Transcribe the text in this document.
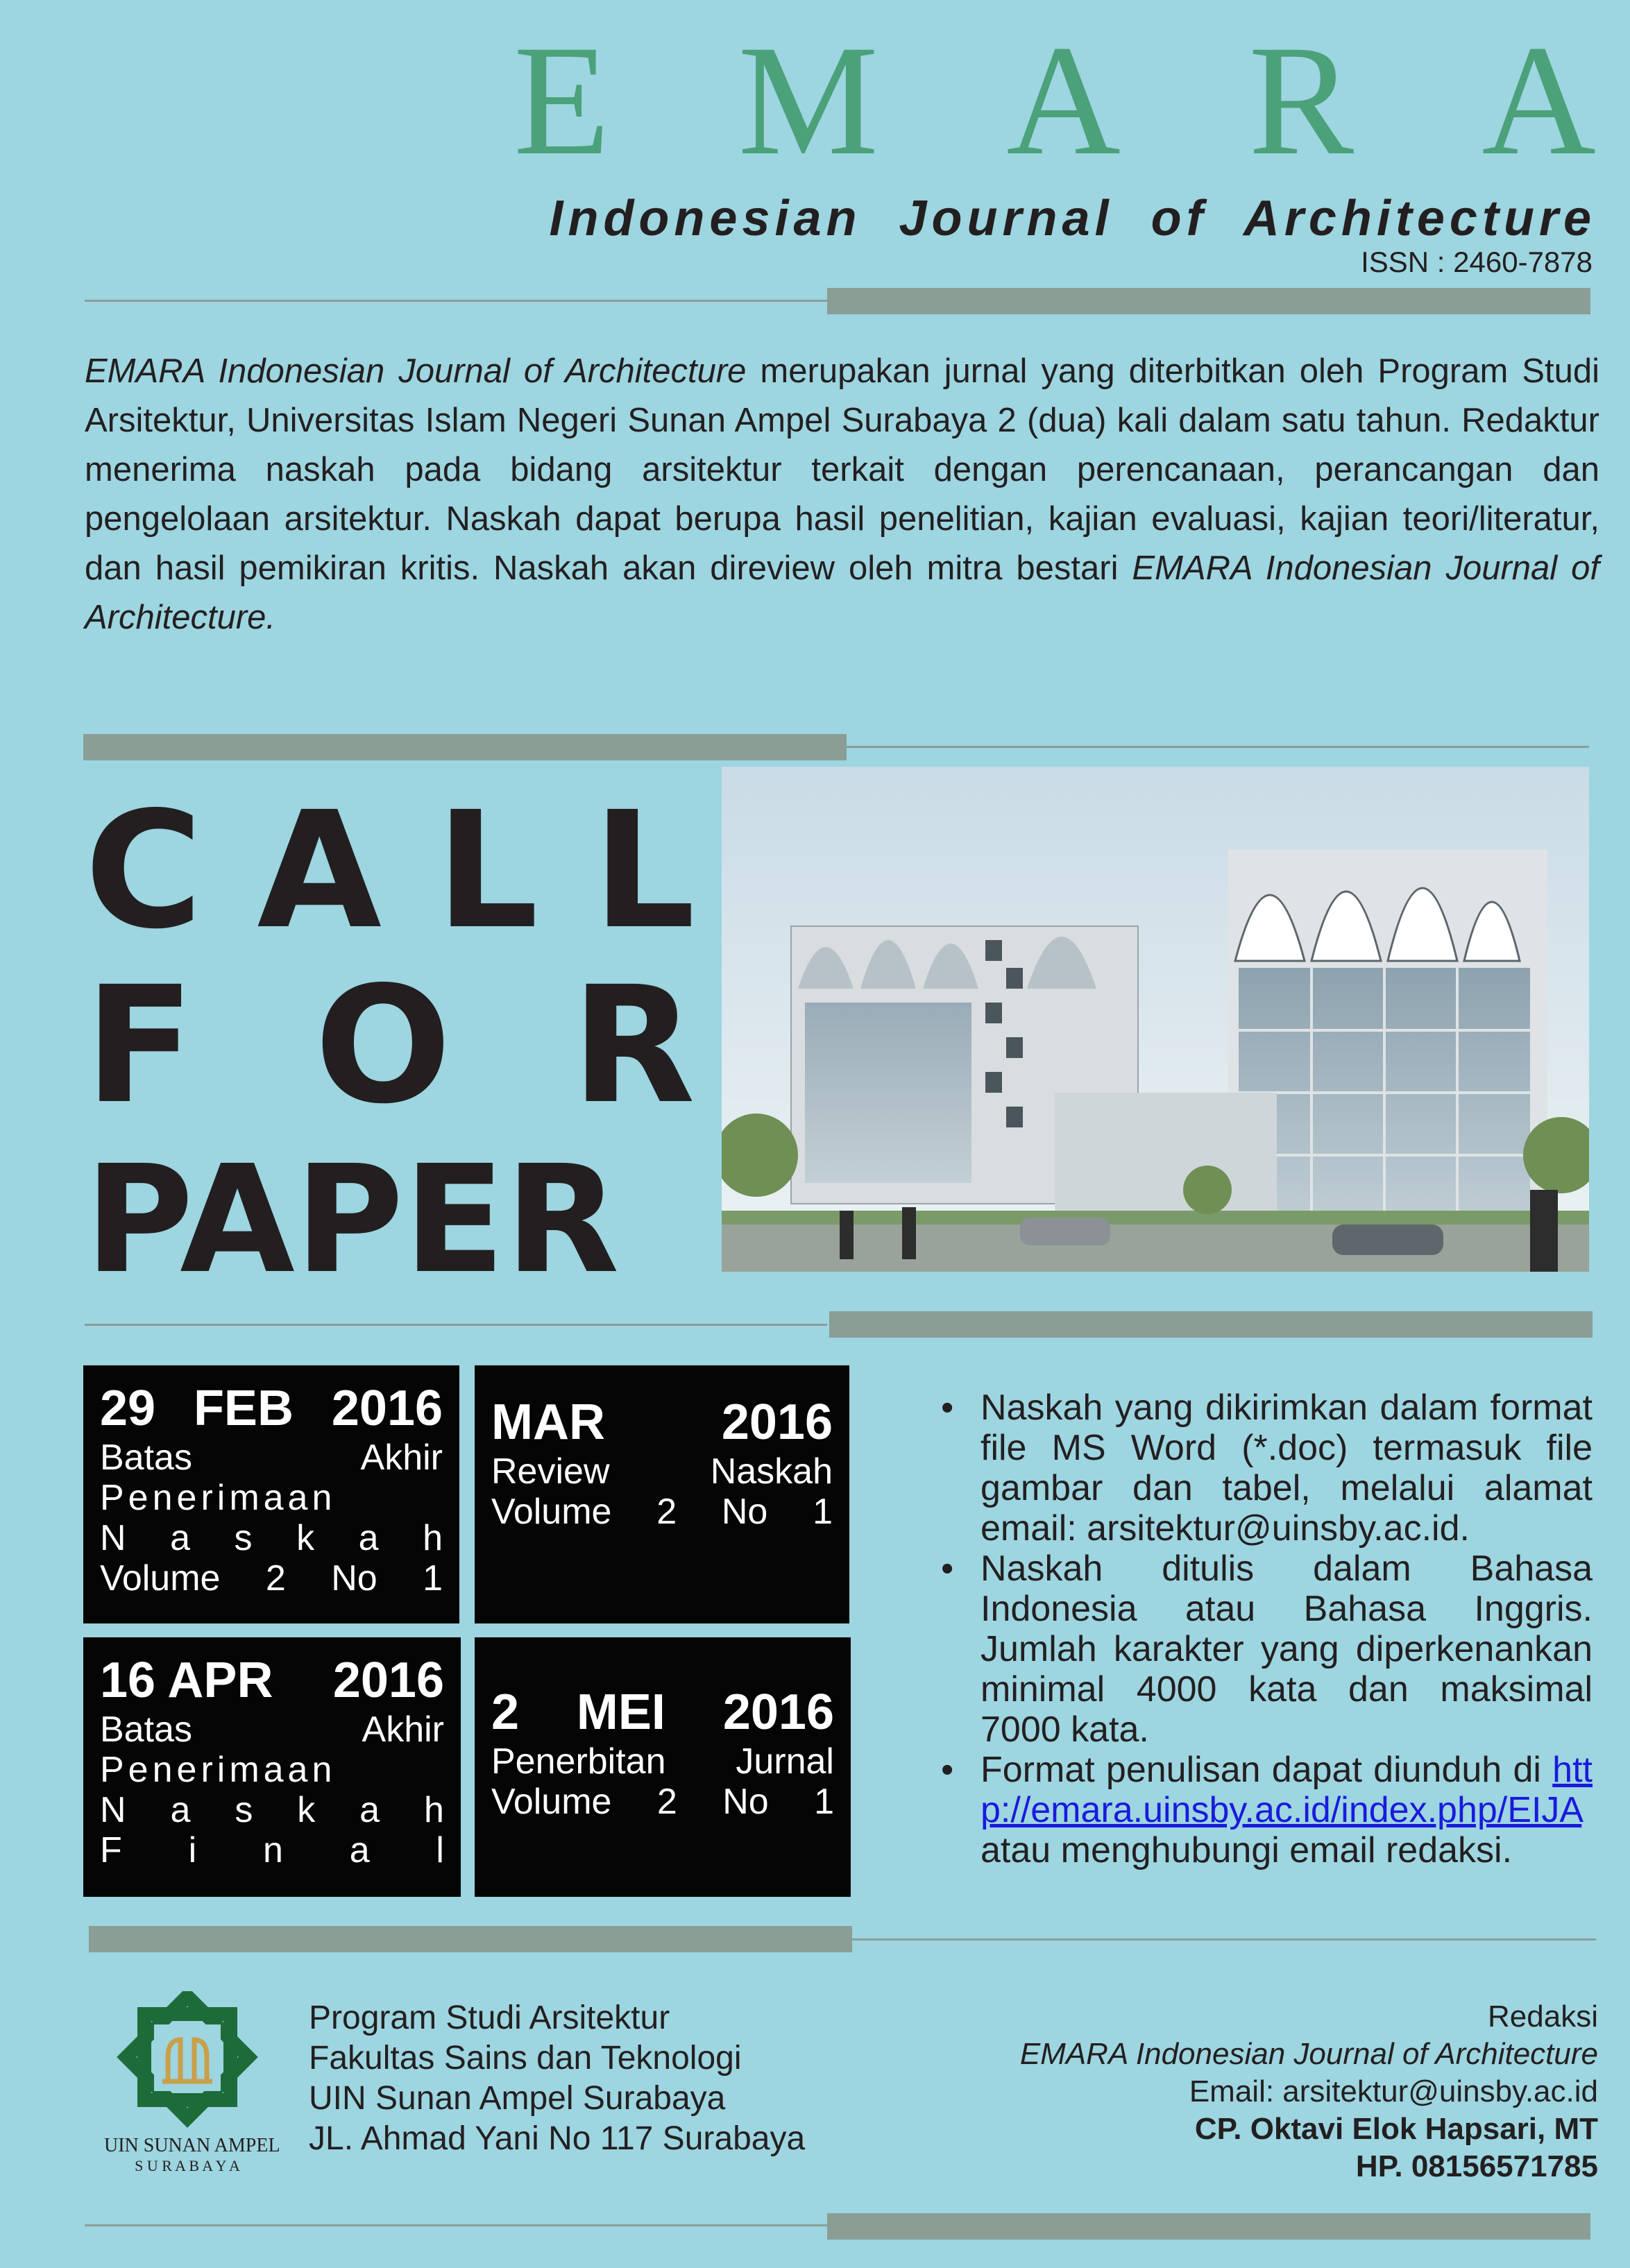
E M A R A
Indonesian  Journal  of  Architecture
ISSN : 2460-7878
EMARA Indonesian Journal of Architecture merupakan jurnal yang diterbitkan oleh Program Studi Arsitektur, Universitas Islam Negeri Sunan Ampel Surabaya 2 (dua) kali dalam satu tahun. Redaktur menerima naskah pada bidang arsitektur terkait dengan perencanaan, perancangan dan pengelolaan arsitektur. Naskah dapat berupa hasil penelitian, kajian evaluasi, kajian teori/literatur, dan hasil pemikiran kritis. Naskah akan direview oleh mitra bestari EMARA Indonesian Journal of Architecture.
C A L L
F O R
PAPER
29 FEB 2016
Batas	Akhir
Penerimaan
N a s k a h
Volume 2 No 1
MAR 2016
Review	Naskah
Volume 2 No 1
16 APR 2016
Batas	Akhir
Penerimaan
N a s k a h
F i n a l
2 MEI 2016
Penerbitan Jurnal
Volume 2 No 1
• Naskah yang dikirimkan dalam format file MS Word (*.doc) termasuk file gambar dan tabel, melalui alamat email: arsitektur@uinsby.ac.id.
• Naskah ditulis dalam Bahasa Indonesia atau Bahasa Inggris. Jumlah karakter yang diperkenankan minimal 4000 kata dan maksimal 7000 kata.
• Format penulisan dapat diunduh di http://emara.uinsby.ac.id/index.php/EIJA atau menghubungi email redaksi.
UIN SUNAN AMPEL
S U R A B A Y A
Program Studi Arsitektur
Fakultas Sains dan Teknologi
UIN Sunan Ampel Surabaya
JL. Ahmad Yani No 117 Surabaya
Redaksi
EMARA Indonesian Journal of Architecture
Email: arsitektur@uinsby.ac.id
CP. Oktavi Elok Hapsari, MT
HP. 08156571785
